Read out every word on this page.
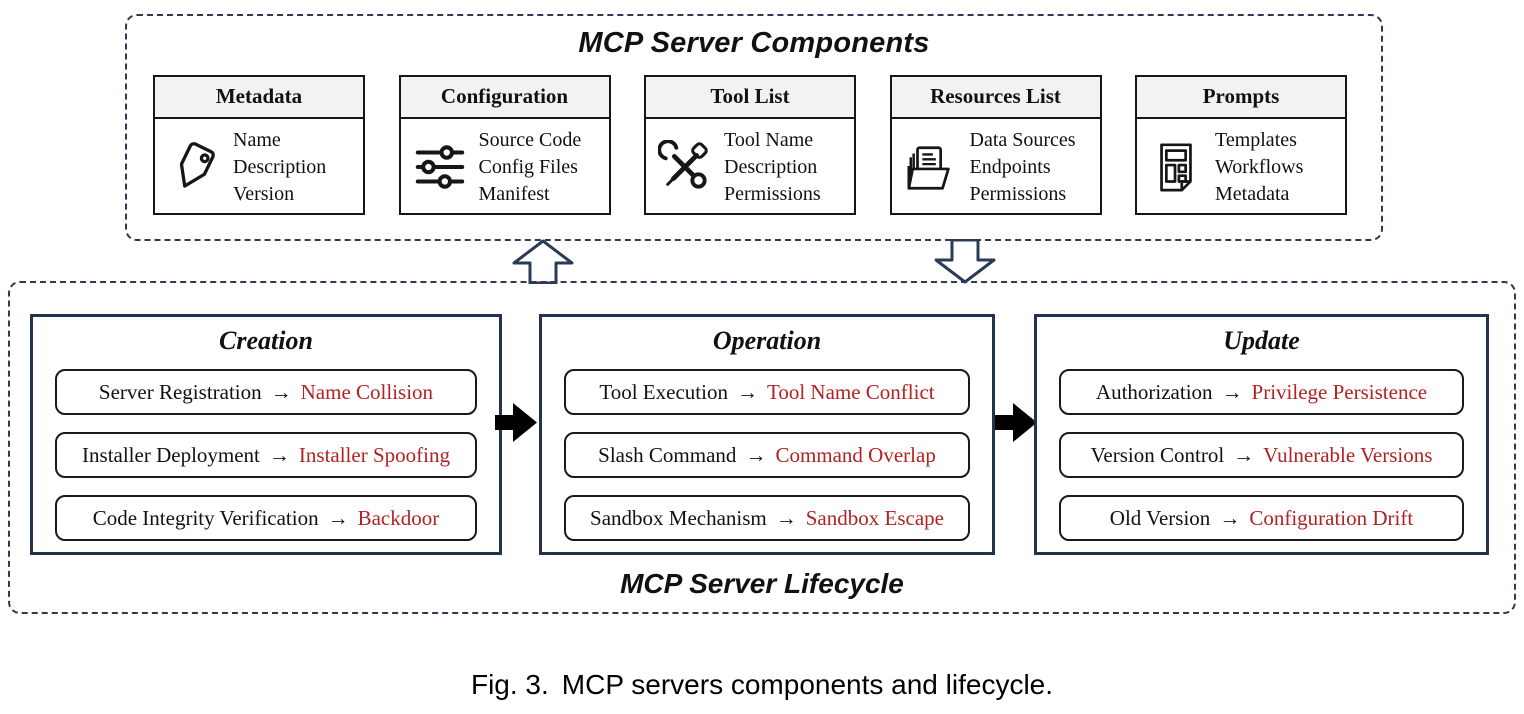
MCP Server Components
Metadata
Name
Description
Version
Configuration
Source Code
Config Files
Manifest
Tool List
Tool Name
Description
Permissions
Resources List
Data Sources
Endpoints
Permissions
Prompts
Templates
Workflows
Metadata
Creation
Server Registration → Name Collision
Installer Deployment → Installer Spoofing
Code Integrity Verification → Backdoor
Operation
Tool Execution → Tool Name Conflict
Slash Command → Command Overlap
Sandbox Mechanism → Sandbox Escape
Update
Authorization → Privilege Persistence
Version Control → Vulnerable Versions
Old Version → Configuration Drift
MCP Server Lifecycle
Fig. 3. MCP servers components and lifecycle.
